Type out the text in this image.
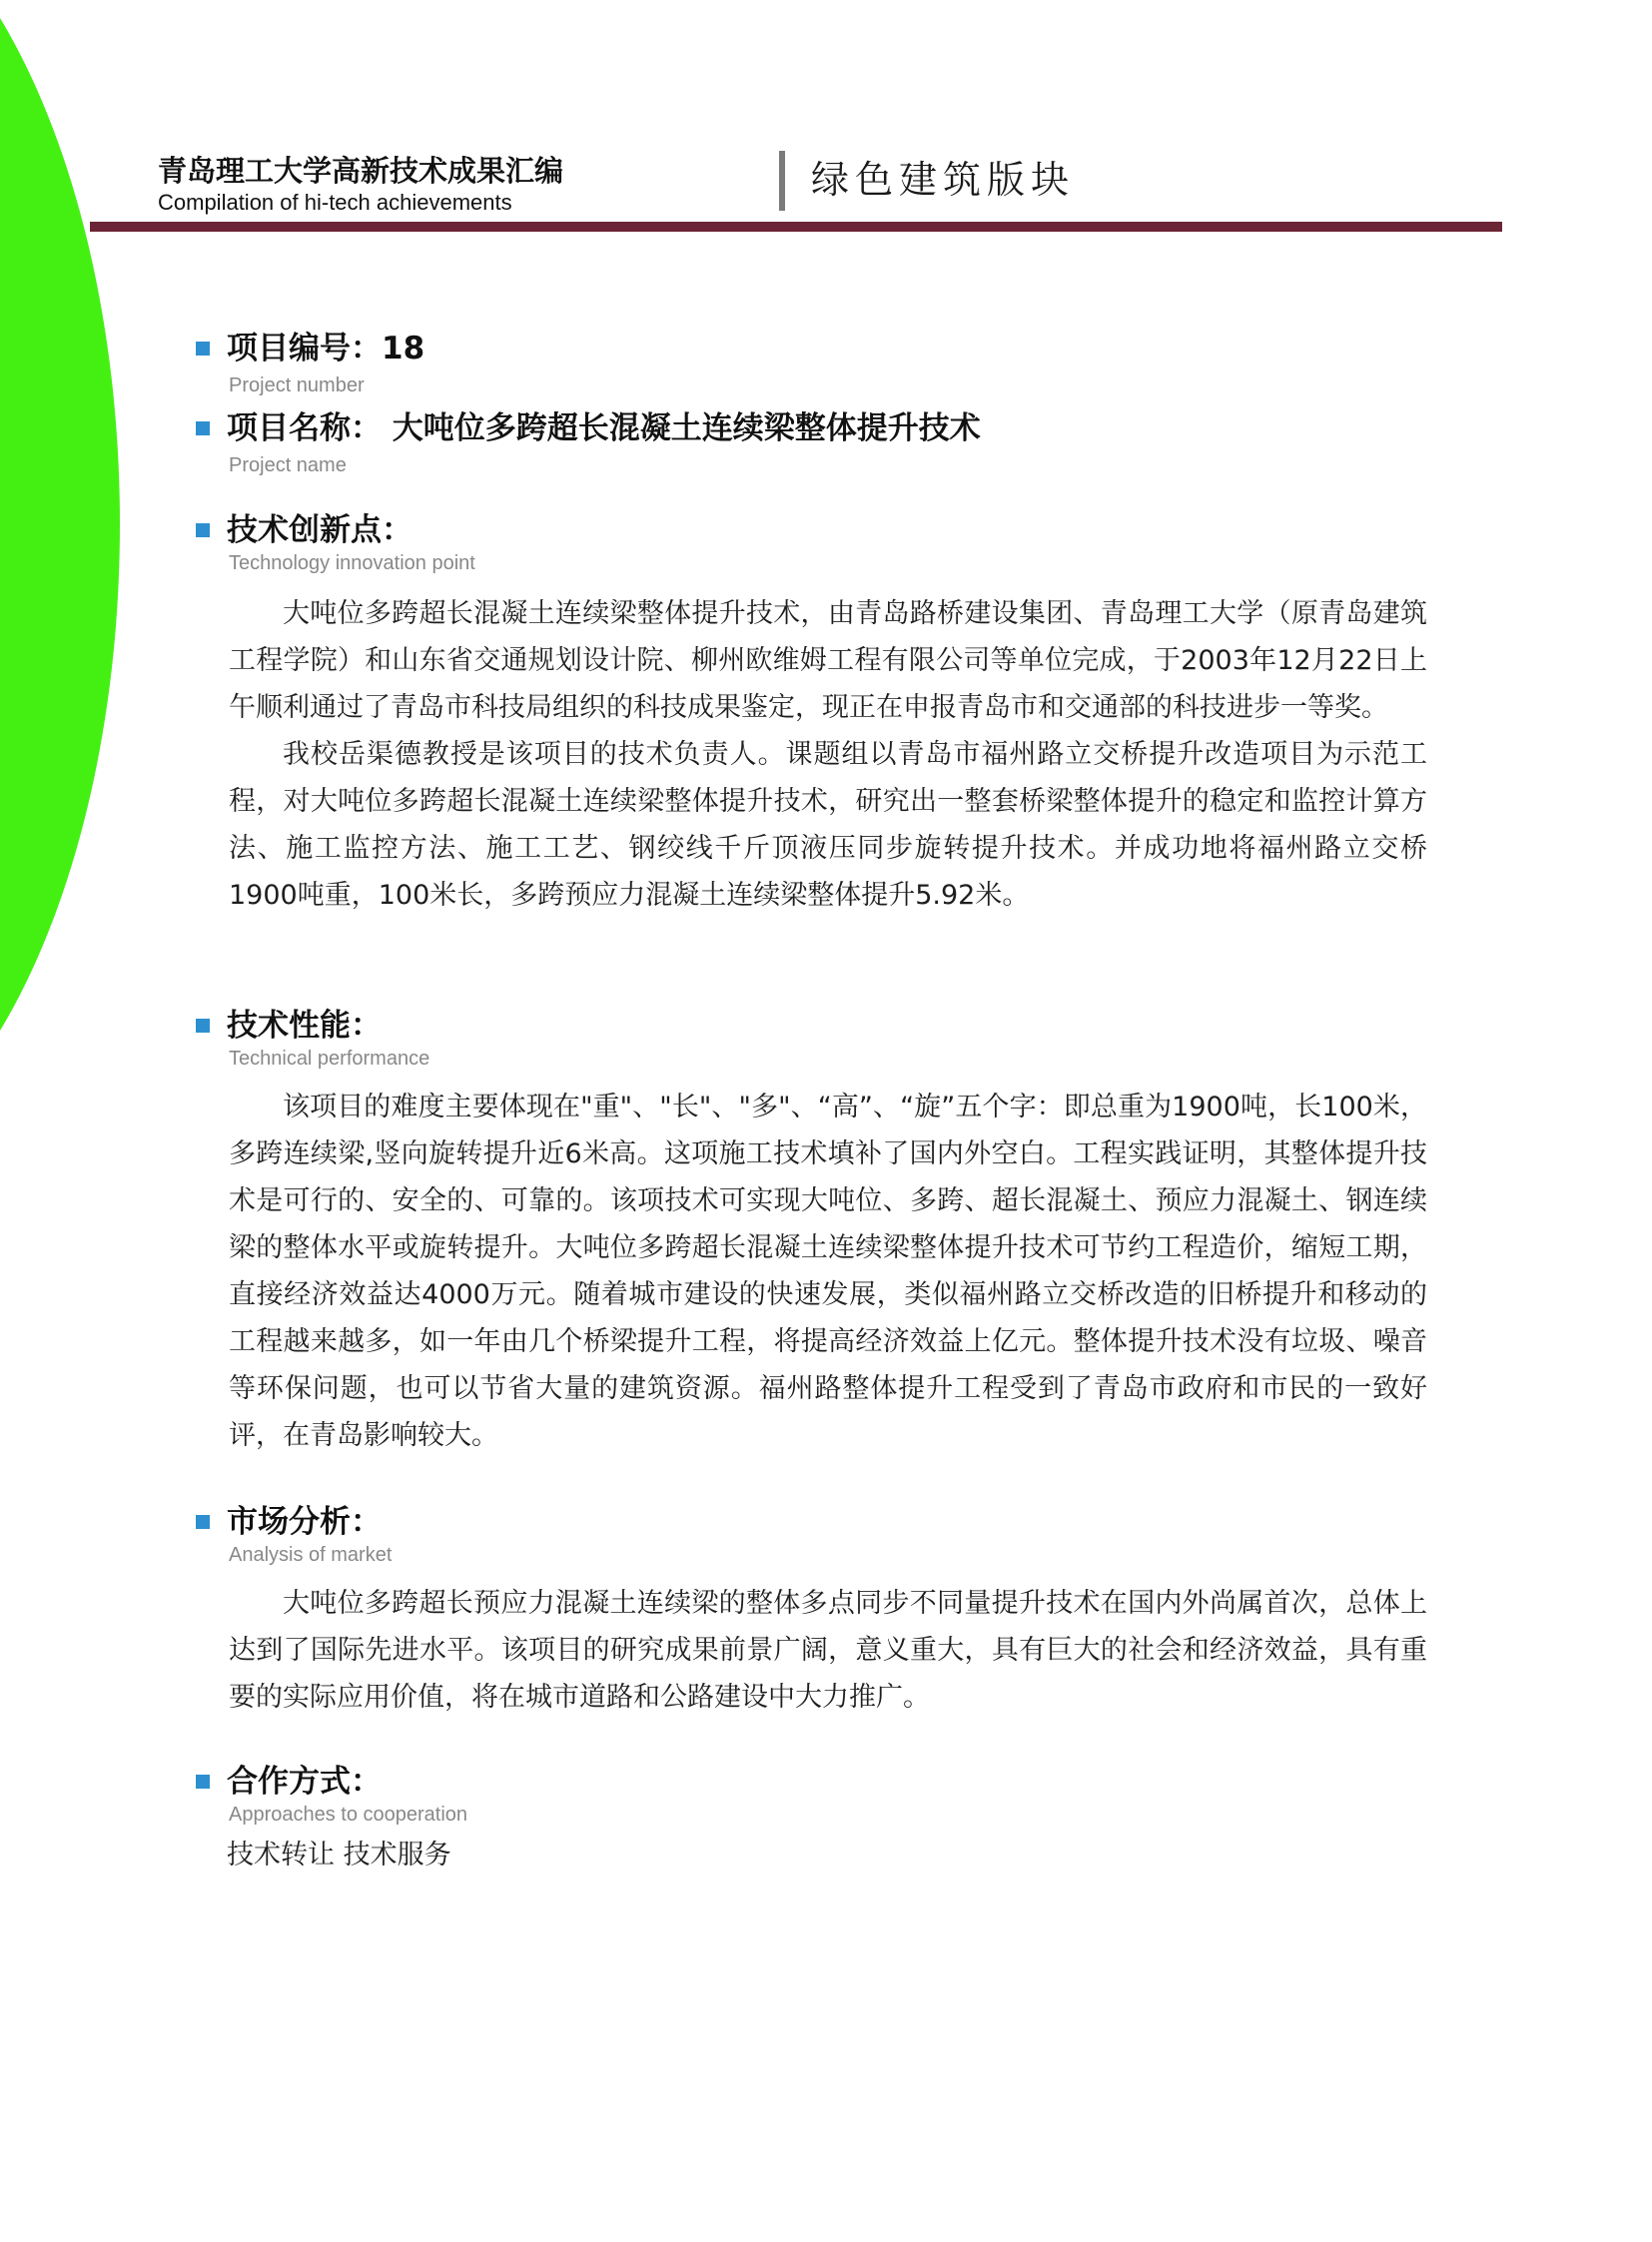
青岛理工大学高新技术成果汇编
Compilation of hi-tech achievements
绿色建筑版块
项目编号：18
Project number
项目名称： 大吨位多跨超长混凝土连续梁整体提升技术
Project name
技术创新点：
Technology innovation point

大吨位多跨超长混凝土连续梁整体提升技术，由青岛路桥建设集团、青岛理工大学（原青岛建筑工程学院）和山东省交通规划设计院、柳州欧维姆工程有限公司等单位完成，于2003年12月22日上午顺利通过了青岛市科技局组织的科技成果鉴定，现正在申报青岛市和交通部的科技进步一等奖。

我校岳渠德教授是该项目的技术负责人。课题组以青岛市福州路立交桥提升改造项目为示范工程，对大吨位多跨超长混凝土连续梁整体提升技术，研究出一整套桥梁整体提升的稳定和监控计算方法、施工监控方法、施工工艺、钢绞线千斤顶液压同步旋转提升技术。并成功地将福州路立交桥1900吨重，100米长，多跨预应力混凝土连续梁整体提升5.92米。

技术性能：
Technical performance

该项目的难度主要体现在"重"、"长"、"多"、“高”、“旋”五个字：即总重为1900吨，长100米，多跨连续梁,竖向旋转提升近6米高。这项施工技术填补了国内外空白。工程实践证明，其整体提升技术是可行的、安全的、可靠的。该项技术可实现大吨位、多跨、超长混凝土、预应力混凝土、钢连续梁的整体水平或旋转提升。大吨位多跨超长混凝土连续梁整体提升技术可节约工程造价，缩短工期，直接经济效益达4000万元。随着城市建设的快速发展，类似福州路立交桥改造的旧桥提升和移动的工程越来越多，如一年由几个桥梁提升工程，将提高经济效益上亿元。整体提升技术没有垃圾、噪音等环保问题，也可以节省大量的建筑资源。福州路整体提升工程受到了青岛市政府和市民的一致好评，在青岛影响较大。

市场分析：
Analysis of market

大吨位多跨超长预应力混凝土连续梁的整体多点同步不同量提升技术在国内外尚属首次，总体上达到了国际先进水平。该项目的研究成果前景广阔，意义重大，具有巨大的社会和经济效益，具有重要的实际应用价值，将在城市道路和公路建设中大力推广。

合作方式：
Approaches to cooperation
技术转让 技术服务
